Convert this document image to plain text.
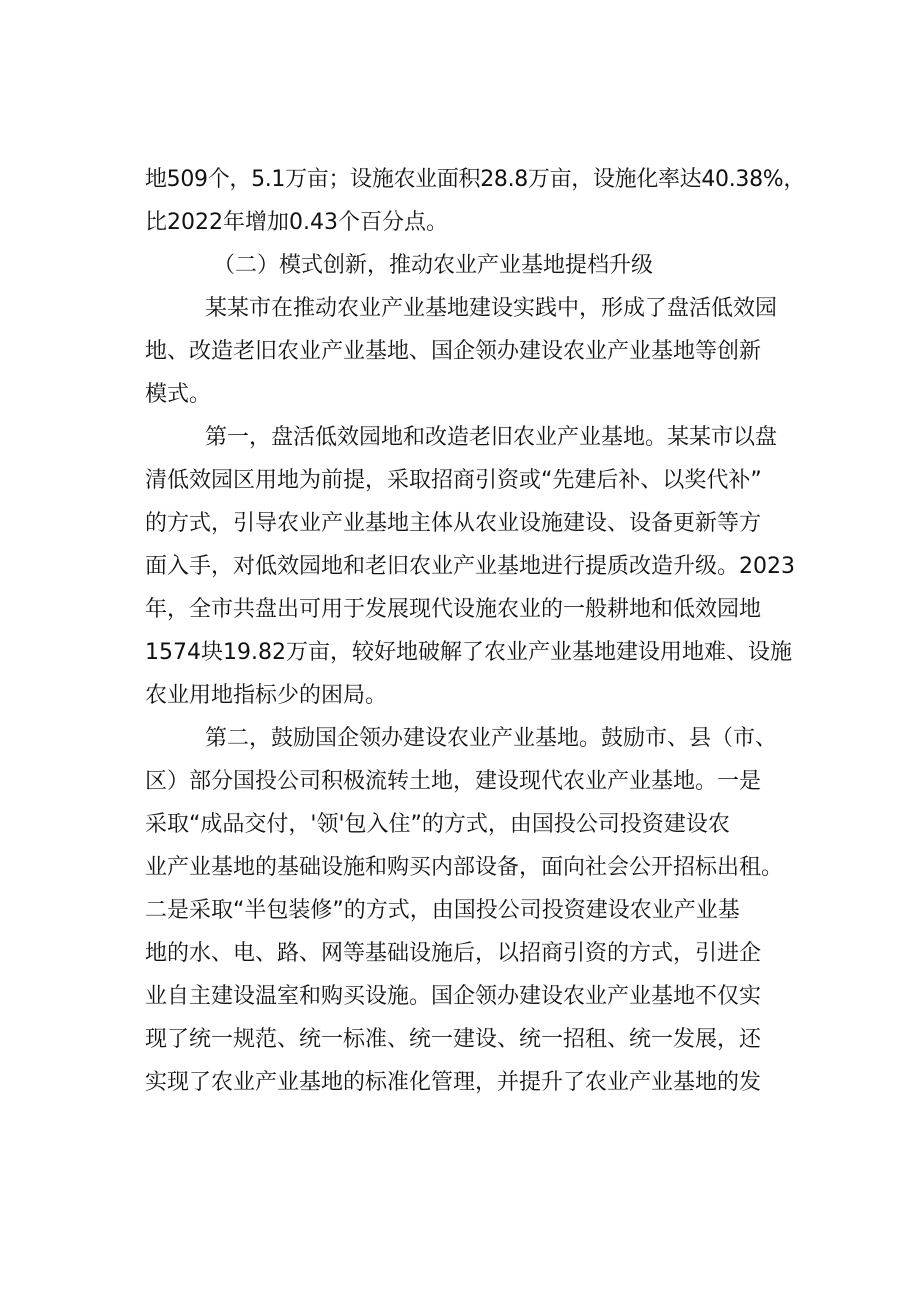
地509个，5.1万亩；设施农业面积28.8万亩，设施化率达40.38%，
比2022年增加0.43个百分点。
（二）模式创新，推动农业产业基地提档升级
某某市在推动农业产业基地建设实践中，形成了盘活低效园
地、改造老旧农业产业基地、国企领办建设农业产业基地等创新
模式。
第一，盘活低效园地和改造老旧农业产业基地。某某市以盘
清低效园区用地为前提，采取招商引资或“先建后补、以奖代补”
的方式，引导农业产业基地主体从农业设施建设、设备更新等方
面入手，对低效园地和老旧农业产业基地进行提质改造升级。2023
年，全市共盘出可用于发展现代设施农业的一般耕地和低效园地
1574块19.82万亩，较好地破解了农业产业基地建设用地难、设施
农业用地指标少的困局。
第二，鼓励国企领办建设农业产业基地。鼓励市、县（市、
区）部分国投公司积极流转土地，建设现代农业产业基地。一是
采取“成品交付，'领'包入住”的方式，由国投公司投资建设农
业产业基地的基础设施和购买内部设备，面向社会公开招标出租。
二是采取“半包装修”的方式，由国投公司投资建设农业产业基
地的水、电、路、网等基础设施后，以招商引资的方式，引进企
业自主建设温室和购买设施。国企领办建设农业产业基地不仅实
现了统一规范、统一标准、统一建设、统一招租、统一发展，还
实现了农业产业基地的标准化管理，并提升了农业产业基地的发
